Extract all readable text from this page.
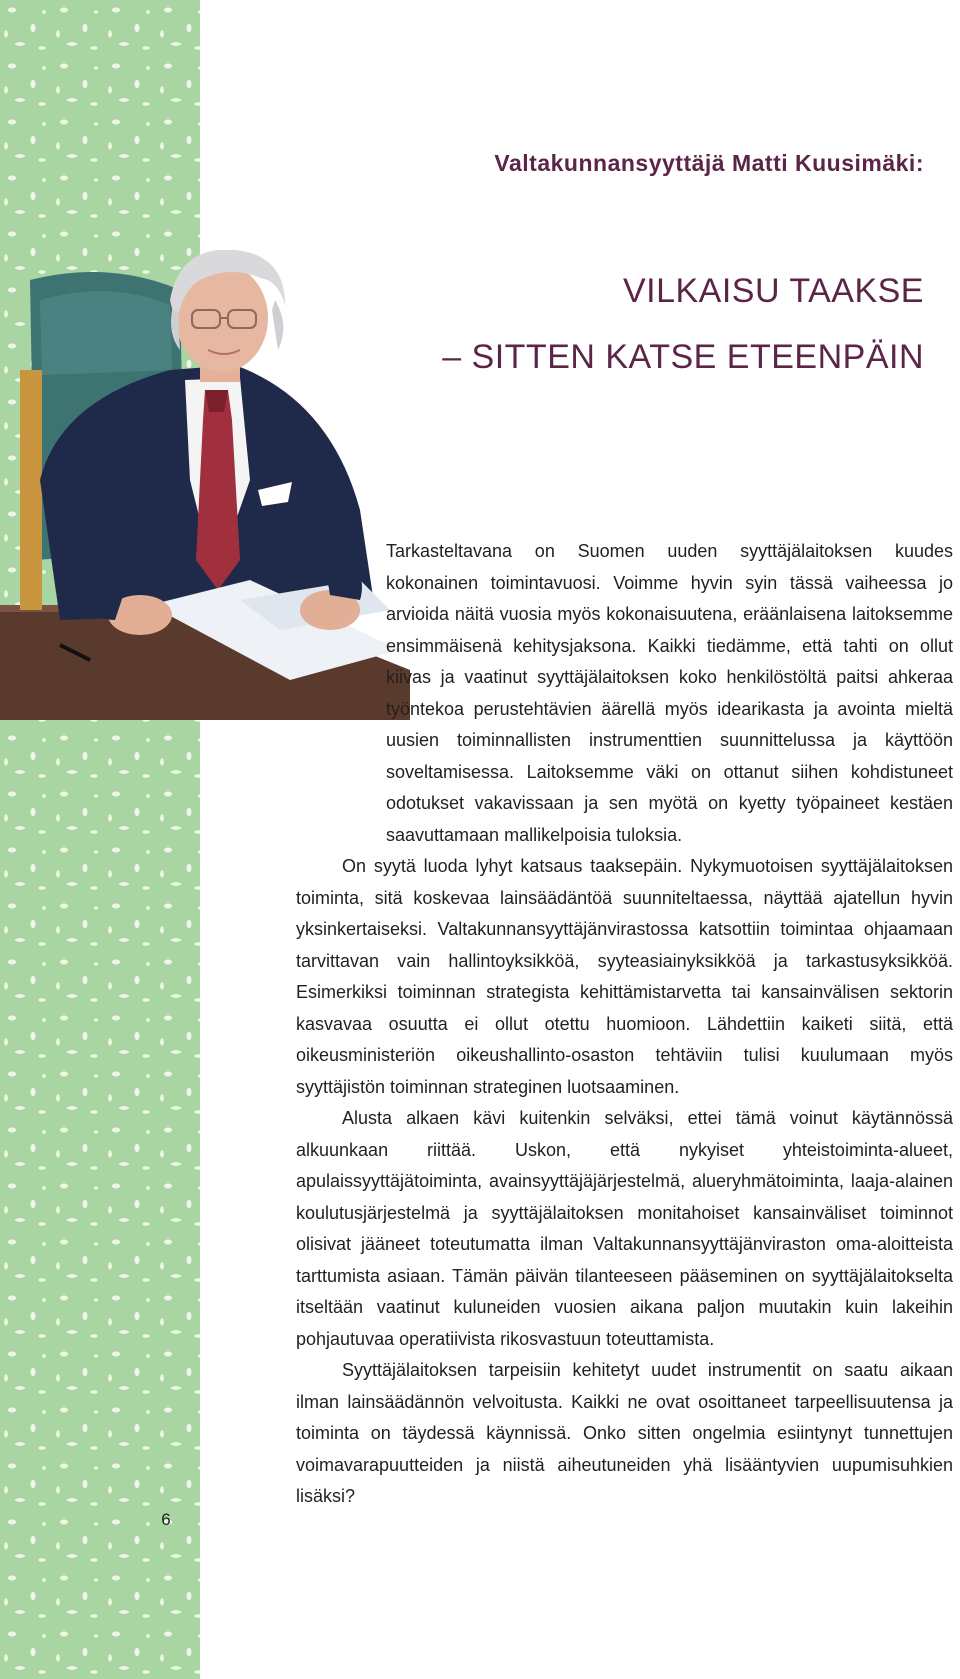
6
Valtakunnansyyttäjä Matti Kuusimäki:
VILKAISU TAAKSE
– SITTEN KATSE ETEENPÄIN

Tarkasteltavana on Suomen uuden syyttäjälaitoksen kuudes kokonainen toimintavuosi. Voimme hyvin syin tässä vaiheessa jo arvioida näitä vuosia myös kokonaisuutena, eräänlaisena laitoksemme ensimmäisenä kehitysjaksona. Kaikki tiedämme, että tahti on ollut kiivas ja vaatinut syyttäjälaitoksen koko henkilöstöltä paitsi ahkeraa työntekoa perustehtävien äärellä myös idearikasta ja avointa mieltä uusien toiminnallisten instrumenttien suunnittelussa ja käyttöön soveltamisessa. Laitoksemme väki on ottanut siihen kohdistuneet odotukset vakavissaan ja sen myötä on kyetty työpaineet kestäen saavuttamaan mallikelpoisia tuloksia.

On syytä luoda lyhyt katsaus taaksepäin. Nykymuotoisen syyttäjälaitoksen toiminta, sitä koskevaa lainsäädäntöä suunniteltaessa, näyttää ajatellun hyvin yksinkertaiseksi. Valtakunnansyyttäjänvirastossa katsottiin toimintaa ohjaamaan tarvittavan vain hallintoyksikköä, syyteasiainyksikköä ja tarkastusyksikköä. Esimerkiksi toiminnan strategista kehittämistarvetta tai kansainvälisen sektorin kasvavaa osuutta ei ollut otettu huomioon. Lähdettiin kaiketi siitä, että oikeusministeriön oikeushallinto-osaston tehtäviin tulisi kuulumaan myös syyttäjistön toiminnan strateginen luotsaaminen.

Alusta alkaen kävi kuitenkin selväksi, ettei tämä voinut käytännössä alkuunkaan riittää. Uskon, että nykyiset yhteistoiminta-alueet, apulaissyyttäjätoiminta, avainsyyttäjäjärjestelmä, alueryhmätoiminta, laaja-alainen koulutusjärjestelmä ja syyttäjälaitoksen monitahoiset kansainväliset toiminnot olisivat jääneet toteutumatta ilman Valtakunnansyyttäjänviraston oma-aloitteista tarttumista asiaan. Tämän päivän tilanteeseen pääseminen on syyttäjälaitokselta itseltään vaatinut kuluneiden vuosien aikana paljon muutakin kuin lakeihin pohjautuvaa operatiivista rikosvastuun toteuttamista.

Syyttäjälaitoksen tarpeisiin kehitetyt uudet instrumentit on saatu aikaan ilman lainsäädännön velvoitusta. Kaikki ne ovat osoittaneet tarpeellisuutensa ja toiminta on täydessä käynnissä. Onko sitten ongelmia esiintynyt tunnettujen voimavarapuutteiden ja niistä aiheutuneiden yhä lisääntyvien uupumisuhkien lisäksi?
